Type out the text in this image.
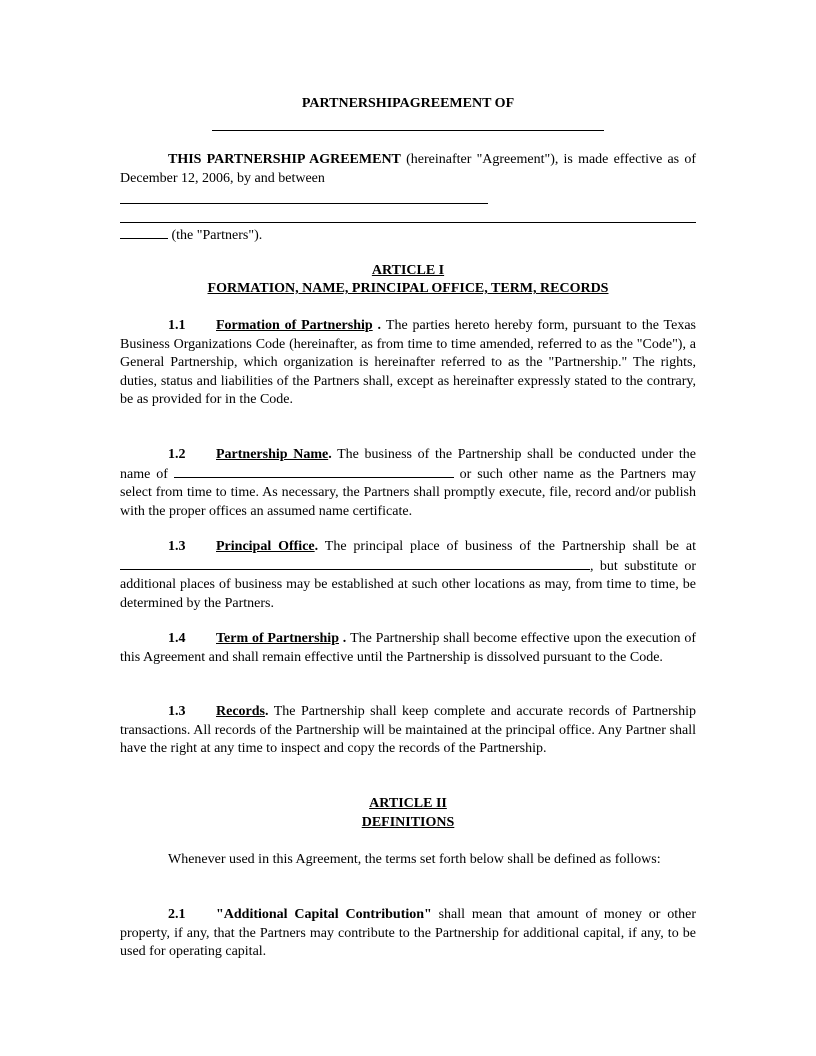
PARTNERSHIPAGREEMENT OF
THIS PARTNERSHIP AGREEMENT (hereinafter "Agreement"), is made effective as of December 12, 2006, by and between
(the "Partners").
ARTICLE I
FORMATION, NAME, PRINCIPAL OFFICE, TERM, RECORDS
1.1 Formation of Partnership . The parties hereto hereby form, pursuant to the Texas Business Organizations Code (hereinafter, as from time to time amended, referred to as the "Code"), a General Partnership, which organization is hereinafter referred to as the "Partnership." The rights, duties, status and liabilities of the Partners shall, except as hereinafter expressly stated to the contrary, be as provided for in the Code.
1.2 Partnership Name. The business of the Partnership shall be conducted under the name of	or such other name as the Partners may select from time to time. As necessary, the Partners shall promptly execute, file, record and/or publish with the proper offices an assumed name certificate.
1.3 Principal Office. The principal place of business of the Partnership shall be at , but substitute or additional places of business may be established at such other locations as may, from time to time, be determined by the Partners.
1.4 Term of Partnership . The Partnership shall become effective upon the execution of this Agreement and shall remain effective until the Partnership is dissolved pursuant to the Code.
1.3 Records. The Partnership shall keep complete and accurate records of Partnership transactions. All records of the Partnership will be maintained at the principal office. Any Partner shall have the right at any time to inspect and copy the records of the Partnership.
ARTICLE II
DEFINITIONS
Whenever used in this Agreement, the terms set forth below shall be defined as follows:
2.1 "Additional Capital Contribution" shall mean that amount of money or other property, if any, that the Partners may contribute to the Partnership for additional capital, if any, to be used for operating capital.
